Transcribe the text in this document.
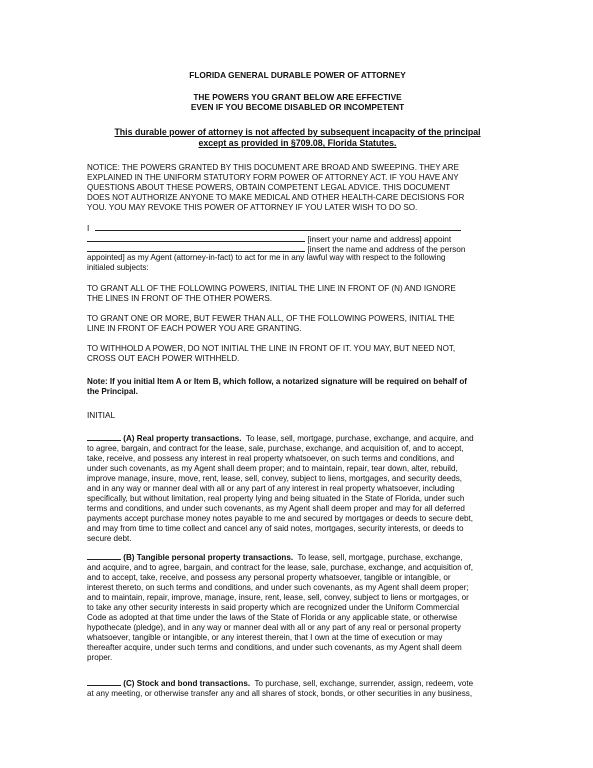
FLORIDA GENERAL DURABLE POWER OF ATTORNEY
THE POWERS YOU GRANT BELOW ARE EFFECTIVE
EVEN IF YOU BECOME DISABLED OR INCOMPETENT
This durable power of attorney is not affected by subsequent incapacity of the principal
except as provided in §709.08, Florida Statutes.
NOTICE: THE POWERS GRANTED BY THIS DOCUMENT ARE BROAD AND SWEEPING. THEY ARE
EXPLAINED IN THE UNIFORM STATUTORY FORM POWER OF ATTORNEY ACT. IF YOU HAVE ANY
QUESTIONS ABOUT THESE POWERS, OBTAIN COMPETENT LEGAL ADVICE. THIS DOCUMENT
DOES NOT AUTHORIZE ANYONE TO MAKE MEDICAL AND OTHER HEALTH-CARE DECISIONS FOR
YOU. YOU MAY REVOKE THIS POWER OF ATTORNEY IF YOU LATER WISH TO DO SO.
I
[insert your name and address] appoint
[insert the name and address of the person
appointed] as my Agent (attorney-in-fact) to act for me in any lawful way with respect to the following
initialed subjects:
TO GRANT ALL OF THE FOLLOWING POWERS, INITIAL THE LINE IN FRONT OF (N) AND IGNORE
THE LINES IN FRONT OF THE OTHER POWERS.
TO GRANT ONE OR MORE, BUT FEWER THAN ALL, OF THE FOLLOWING POWERS, INITIAL THE
LINE IN FRONT OF EACH POWER YOU ARE GRANTING.
TO WITHHOLD A POWER, DO NOT INITIAL THE LINE IN FRONT OF IT. YOU MAY, BUT NEED NOT,
CROSS OUT EACH POWER WITHHELD.
Note: If you initial Item A or Item B, which follow, a notarized signature will be required on behalf of
the Principal.
INITIAL
(A) Real property transactions. To lease, sell, mortgage, purchase, exchange, and acquire, and
to agree, bargain, and contract for the lease, sale, purchase, exchange, and acquisition of, and to accept,
take, receive, and possess any interest in real property whatsoever, on such terms and conditions, and
under such covenants, as my Agent shall deem proper; and to maintain, repair, tear down, alter, rebuild,
improve manage, insure, move, rent, lease, sell, convey, subject to liens, mortgages, and security deeds,
and in any way or manner deal with all or any part of any interest in real property whatsoever, including
specifically, but without limitation, real property lying and being situated in the State of Florida, under such
terms and conditions, and under such covenants, as my Agent shall deem proper and may for all deferred
payments accept purchase money notes payable to me and secured by mortgages or deeds to secure debt,
and may from time to time collect and cancel any of said notes, mortgages, security interests, or deeds to
secure debt.
(B) Tangible personal property transactions. To lease, sell, mortgage, purchase, exchange,
and acquire, and to agree, bargain, and contract for the lease, sale, purchase, exchange, and acquisition of,
and to accept, take, receive, and possess any personal property whatsoever, tangible or intangible, or
interest thereto, on such terms and conditions, and under such covenants, as my Agent shall deem proper;
and to maintain, repair, improve, manage, insure, rent, lease, sell, convey, subject to liens or mortgages, or
to take any other security interests in said property which are recognized under the Uniform Commercial
Code as adopted at that time under the laws of the State of Florida or any applicable state, or otherwise
hypothecate (pledge), and in any way or manner deal with all or any part of any real or personal property
whatsoever, tangible or intangible, or any interest therein, that I own at the time of execution or may
thereafter acquire, under such terms and conditions, and under such covenants, as my Agent shall deem
proper.
(C) Stock and bond transactions. To purchase, sell, exchange, surrender, assign, redeem, vote
at any meeting, or otherwise transfer any and all shares of stock, bonds, or other securities in any business,
